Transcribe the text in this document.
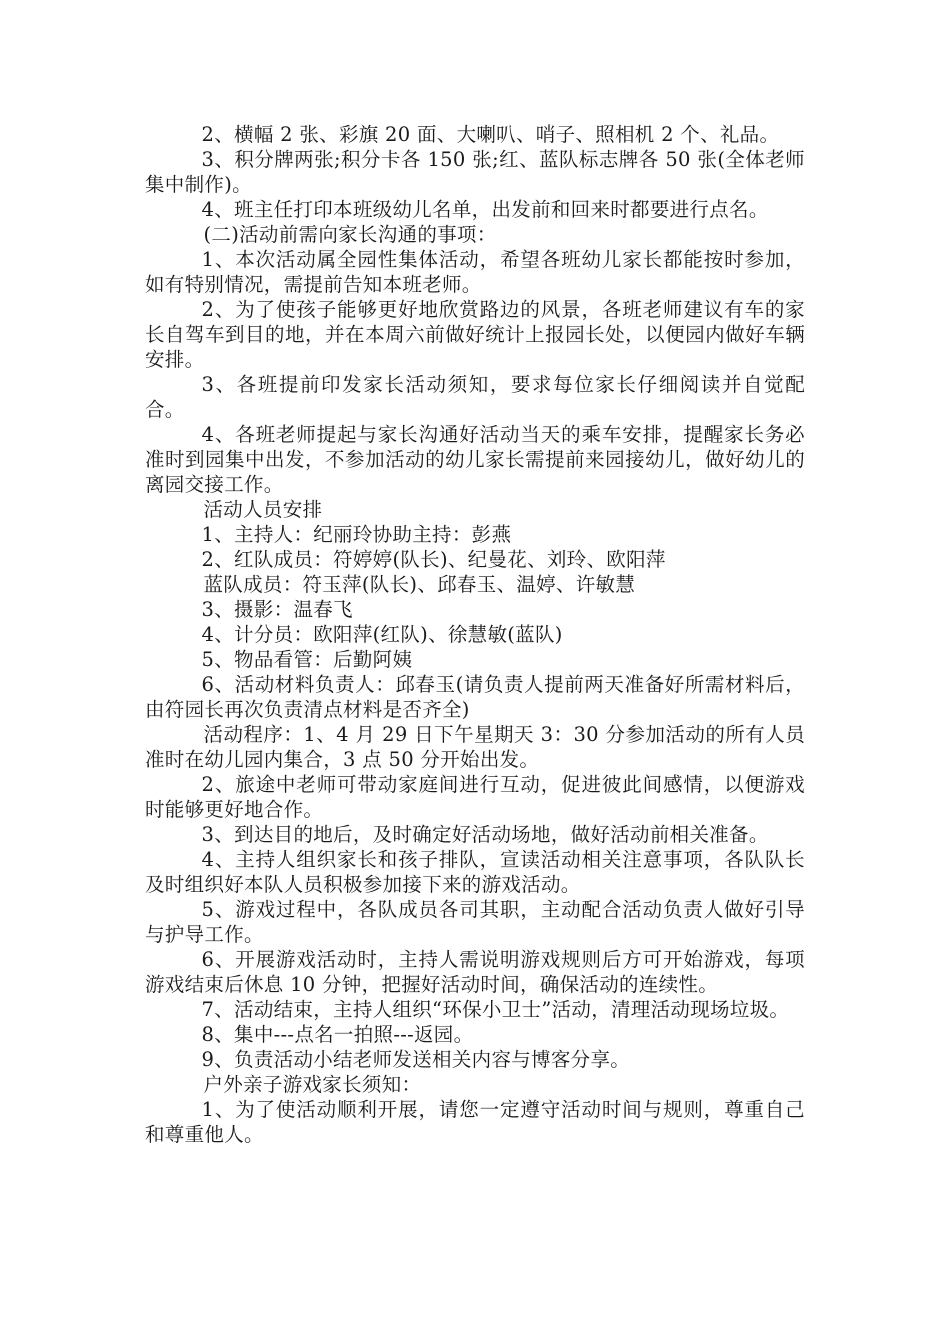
2、横幅 2 张、彩旗 20 面、大喇叭、哨子、照相机 2 个、礼品。

3、积分牌两张;积分卡各 150 张;红、蓝队标志牌各 50 张(全体老师集中制作)。

4、班主任打印本班级幼儿名单，出发前和回来时都要进行点名。

(二)活动前需向家长沟通的事项：

1、本次活动属全园性集体活动，希望各班幼儿家长都能按时参加，如有特别情况，需提前告知本班老师。

2、为了使孩子能够更好地欣赏路边的风景，各班老师建议有车的家长自驾车到目的地，并在本周六前做好统计上报园长处，以便园内做好车辆安排。

3、各班提前印发家长活动须知，要求每位家长仔细阅读并自觉配合。

4、各班老师提起与家长沟通好活动当天的乘车安排，提醒家长务必准时到园集中出发，不参加活动的幼儿家长需提前来园接幼儿，做好幼儿的离园交接工作。

活动人员安排

1、主持人：纪丽玲协助主持：彭燕

2、红队成员：符婷婷(队长)、纪曼花、刘玲、欧阳萍

蓝队成员：符玉萍(队长)、邱春玉、温婷、许敏慧

3、摄影：温春飞

4、计分员：欧阳萍(红队)、徐慧敏(蓝队)

5、物品看管：后勤阿姨

6、活动材料负责人：邱春玉(请负责人提前两天准备好所需材料后，由符园长再次负责清点材料是否齐全)

活动程序：1、4 月 29 日下午星期天 3：30 分参加活动的所有人员准时在幼儿园内集合，3 点 50 分开始出发。

2、旅途中老师可带动家庭间进行互动，促进彼此间感情，以便游戏时能够更好地合作。

3、到达目的地后，及时确定好活动场地，做好活动前相关准备。

4、主持人组织家长和孩子排队，宣读活动相关注意事项，各队队长及时组织好本队人员积极参加接下来的游戏活动。

5、游戏过程中，各队成员各司其职，主动配合活动负责人做好引导与护导工作。

6、开展游戏活动时，主持人需说明游戏规则后方可开始游戏，每项游戏结束后休息 10 分钟，把握好活动时间，确保活动的连续性。

7、活动结束，主持人组织“环保小卫士”活动，清理活动现场垃圾。

8、集中---点名一拍照---返园。

9、负责活动小结老师发送相关内容与博客分享。

户外亲子游戏家长须知：

1、为了使活动顺利开展，请您一定遵守活动时间与规则，尊重自己和尊重他人。
